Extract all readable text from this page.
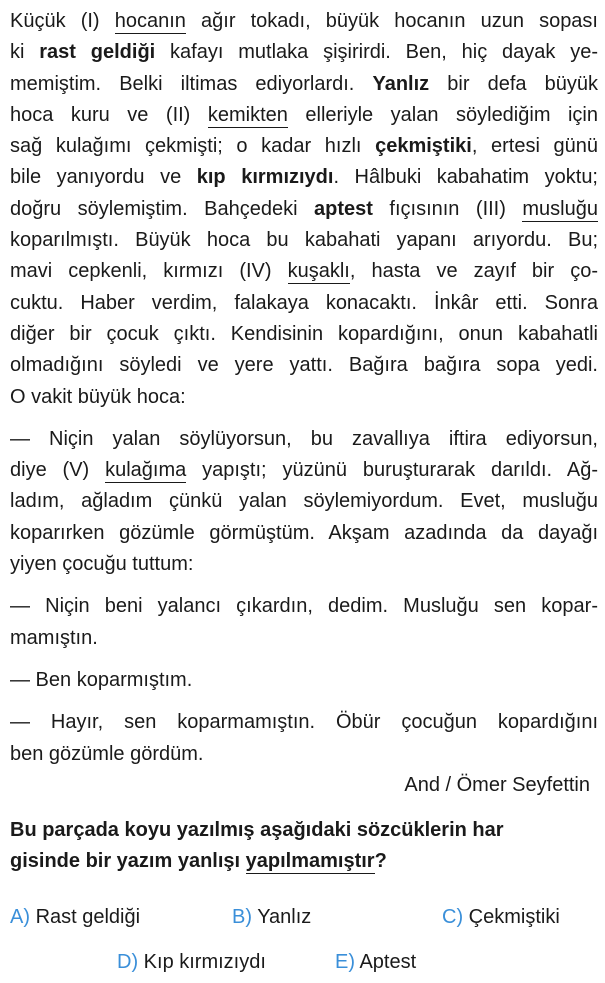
Küçük (I) hocanın ağır tokadı, büyük hocanın uzun sopası
ki rast geldiği kafayı mutlaka şişirirdi. Ben, hiç dayak ye-
memiştim. Belki iltimas ediyorlardı. Yanlız bir defa büyük
hoca kuru ve (II) kemikten elleriyle yalan söylediğim için
sağ kulağımı çekmişti; o kadar hızlı çekmiştiki, ertesi günü
bile yanıyordu ve kıp kırmızıydı. Hâlbuki kabahatim yoktu;
doğru söylemiştim. Bahçedeki aptest fıçısının (III) musluğu
koparılmıştı. Büyük hoca bu kabahati yapanı arıyordu. Bu;
mavi cepkenli, kırmızı (IV) kuşaklı, hasta ve zayıf bir ço-
cuktu. Haber verdim, falakaya konacaktı. İnkâr etti. Sonra
diğer bir çocuk çıktı. Kendisinin kopardığını, onun kabahatli
olmadığını söyledi ve yere yattı. Bağıra bağıra sopa yedi.
O vakit büyük hoca:
— Niçin yalan söylüyorsun, bu zavallıya iftira ediyorsun,
diye (V) kulağıma yapıştı; yüzünü buruşturarak darıldı. Ağ-
ladım, ağladım çünkü yalan söylemiyordum. Evet, musluğu
koparırken gözümle görmüştüm. Akşam azadında da dayağı
yiyen çocuğu tuttum:
— Niçin beni yalancı çıkardın, dedim. Musluğu sen kopar-
mamıştın.
— Ben koparmıştım.
— Hayır, sen koparmamıştın. Öbür çocuğun kopardığını
ben gözümle gördüm.
And / Ömer Seyfettin
Bu parçada koyu yazılmış aşağıdaki sözcüklerin har
gisinde bir yazım yanlışı yapılmamıştır?
A) Rast geldiği	B) Yanlız	C) Çekmiştiki
D) Kıp kırmızıydı	E) Aptest
